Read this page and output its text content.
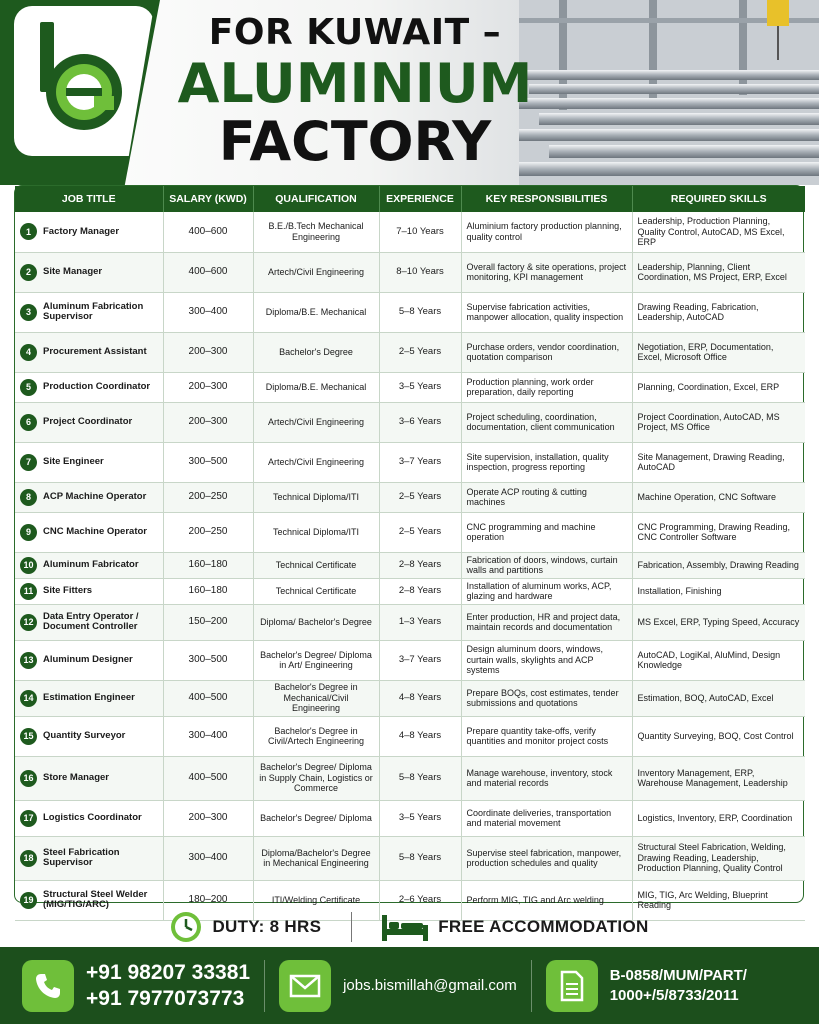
FOR KUWAIT –
ALUMINIUM
FACTORY
JOB TITLE	SALARY (KWD)	QUALIFICATION	EXPERIENCE	KEY RESPONSIBILITIES	REQUIRED SKILLS

1 Factory Manager	400–600	B.E./B.Tech Mechanical Engineering	7–10 Years	Aluminium factory production planning, quality control	Leadership, Production Planning, Quality Control, AutoCAD, MS Excel, ERP

2 Site Manager	400–600	Artech/Civil Engineering	8–10 Years	Overall factory & site operations, project monitoring, KPI management	Leadership, Planning, Client Coordination, MS Project, ERP, Excel

3
Aluminum Fabrication Supervisor	300–400	Diploma/B.E. Mechanical	5–8 Years	Supervise fabrication activities, manpower allocation, quality inspection	Drawing Reading, Fabrication, Leadership, AutoCAD

4 Procurement Assistant	200–300	Bachelor's Degree	2–5 Years	Purchase orders, vendor coordination, quotation comparison	Negotiation, ERP, Documentation, Excel, Microsoft Office

5 Production Coordinator	200–300	Diploma/B.E. Mechanical	3–5 Years	Production planning, work order preparation, daily reporting	Planning, Coordination, Excel, ERP

6 Project Coordinator	200–300	Artech/Civil Engineering	3–6 Years	Project scheduling, coordination, documentation, client communication	Project Coordination, AutoCAD, MS Project, MS Office

7 Site Engineer	300–500	Artech/Civil Engineering	3–7 Years	Site supervision, installation, quality inspection, progress reporting	Site Management, Drawing Reading, AutoCAD

8 ACP Machine Operator	200–250	Technical Diploma/ITI	2–5 Years	Operate ACP routing & cutting machines	Machine Operation, CNC Software

9 CNC Machine Operator	200–250	Technical Diploma/ITI	2–5 Years	CNC programming and machine operation	CNC Programming, Drawing Reading, CNC Controller Software

10 Aluminum Fabricator	160–180	Technical Certificate	2–8 Years	Fabrication of doors, windows, curtain walls and partitions	Fabrication, Assembly, Drawing Reading

11 Site Fitters	160–180	Technical Certificate	2–8 Years	Installation of aluminum works, ACP, glazing and hardware	Installation, Finishing

12
Data Entry Operator / Document Controller	150–200	Diploma/ Bachelor's Degree	1–3 Years	Enter production, HR and project data, maintain records and documentation	MS Excel, ERP, Typing Speed, Accuracy

13 Aluminum Designer	300–500	Bachelor's Degree/ Diploma in Art/ Engineering	3–7 Years	Design aluminum doors, windows, curtain walls, skylights and ACP systems	AutoCAD, LogiKal, AluMind, Design Knowledge

14 Estimation Engineer	400–500	Bachelor's Degree in Mechanical/Civil Engineering	4–8 Years	Prepare BOQs, cost estimates, tender submissions and quotations	Estimation, BOQ, AutoCAD, Excel

15 Quantity Surveyor	300–400	Bachelor's Degree in Civil/Artech Engineering	4–8 Years	Prepare quantity take-offs, verify quantities and monitor project costs	Quantity Surveying, BOQ, Cost Control

16 Store Manager	400–500	Bachelor's Degree/ Diploma in Supply Chain, Logistics or Commerce	5–8 Years	Manage warehouse, inventory, stock and material records	Inventory Management, ERP, Warehouse Management, Leadership

17 Logistics Coordinator	200–300	Bachelor's Degree/ Diploma	3–5 Years	Coordinate deliveries, transportation and material movement	Logistics, Inventory, ERP, Coordination

18
Steel Fabrication Supervisor	300–400	Diploma/Bachelor's Degree in Mechanical Engineering	5–8 Years	Supervise steel fabrication, manpower, production schedules and quality	Structural Steel Fabrication, Welding, Drawing Reading, Leadership, Production Planning, Quality Control

19
Structural Steel Welder (MIG/TIG/ARC)	180–200	ITI/Welding Certificate	2–6 Years	Perform MIG, TIG and Arc welding	MIG, TIG, Arc Welding, Blueprint Reading
DUTY: 8 HRS	FREE ACCOMMODATION
+91 98207 33381
+91 7977073773
jobs.bismillah@gmail.com
B-0858/MUM/PART/
1000+/5/8733/2011
